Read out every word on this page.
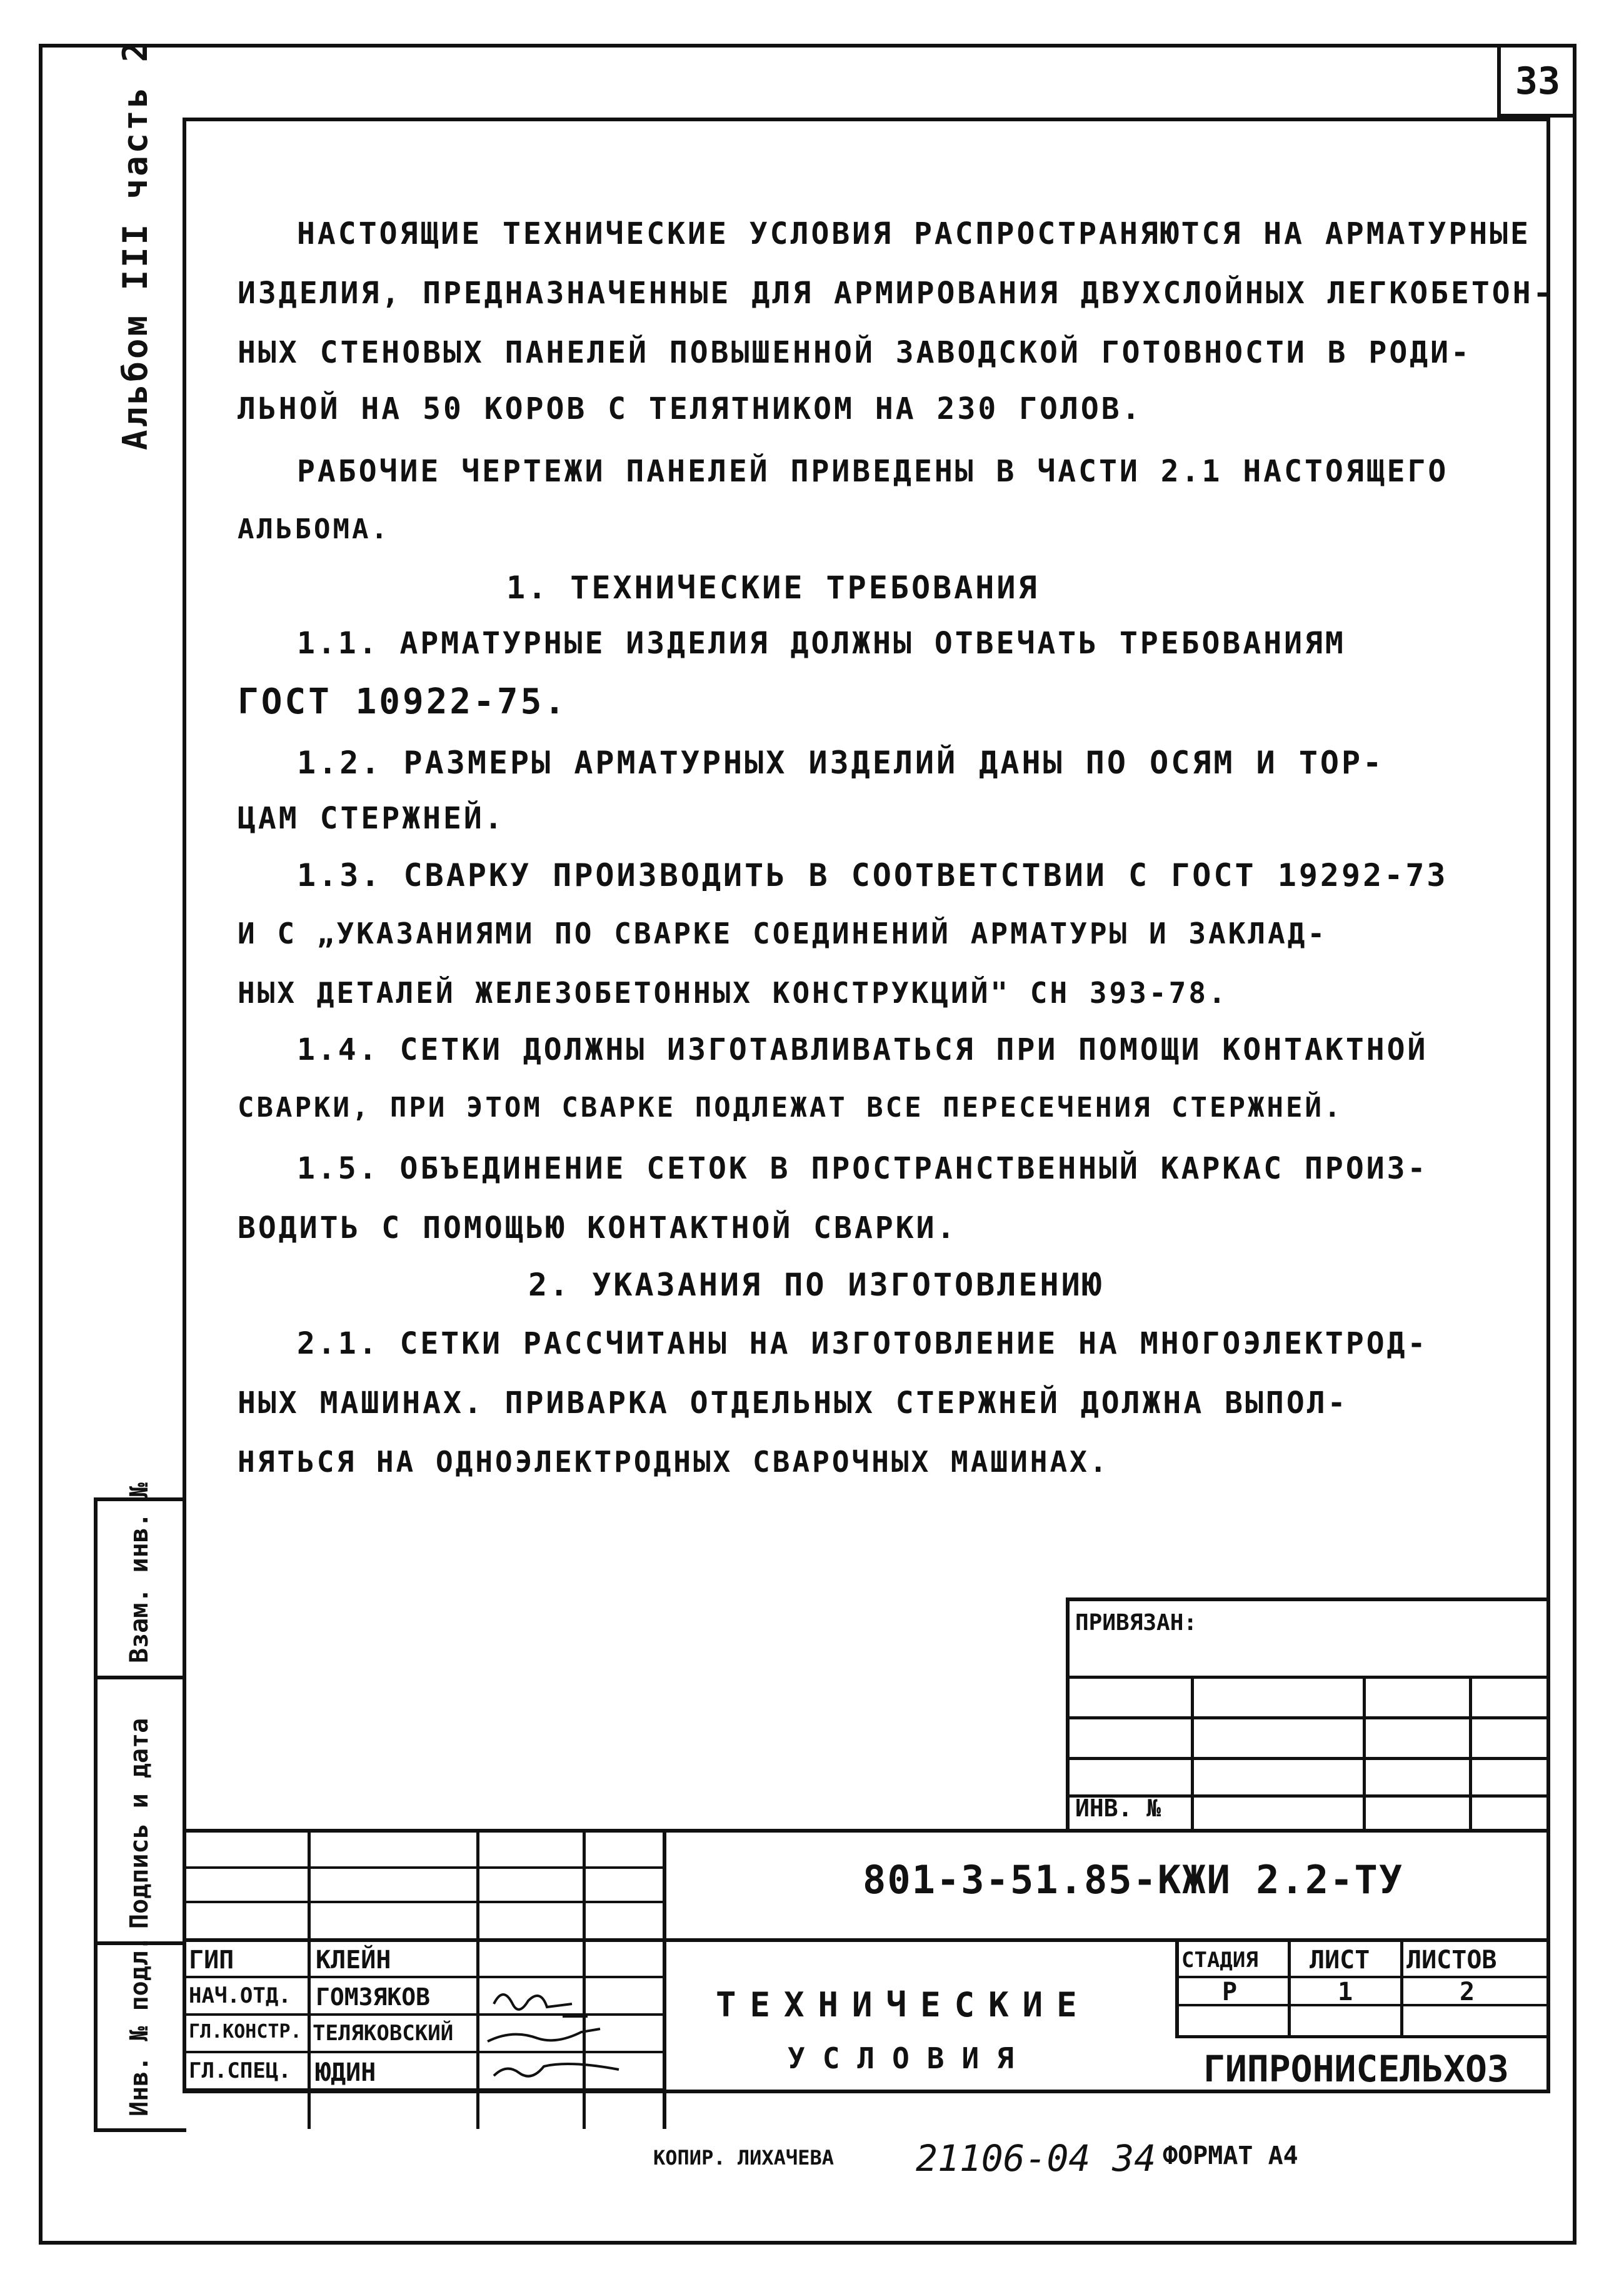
33
Альбом III часть 2	НАСТОЯЩИЕ ТЕХНИЧЕСКИЕ УСЛОВИЯ РАСПРОСТРАНЯЮТСЯ НА АРМАТУРНЫЕ
ИЗДЕЛИЯ, ПРЕДНАЗНАЧЕННЫЕ ДЛЯ АРМИРОВАНИЯ ДВУХСЛОЙНЫХ ЛЕГКОБЕТОН-
НЫХ СТЕНОВЫХ ПАНЕЛЕЙ ПОВЫШЕННОЙ ЗАВОДСКОЙ ГОТОВНОСТИ В РОДИ-
ЛЬНОЙ НА 50 КОРОВ С ТЕЛЯТНИКОМ НА 230 ГОЛОВ.
РАБОЧИЕ ЧЕРТЕЖИ ПАНЕЛЕЙ ПРИВЕДЕНЫ В ЧАСТИ 2.1 НАСТОЯЩЕГО
АЛЬБОМА.
1. ТЕХНИЧЕСКИЕ ТРЕБОВАНИЯ
1.1. АРМАТУРНЫЕ ИЗДЕЛИЯ ДОЛЖНЫ ОТВЕЧАТЬ ТРЕБОВАНИЯМ
ГОСТ 10922-75.
1.2. РАЗМЕРЫ АРМАТУРНЫХ ИЗДЕЛИЙ ДАНЫ ПО ОСЯМ И ТОР-
ЦАМ СТЕРЖНЕЙ.
1.3. СВАРКУ ПРОИЗВОДИТЬ В СООТВЕТСТВИИ С ГОСТ 19292-73
И С „УКАЗАНИЯМИ ПО СВАРКЕ СОЕДИНЕНИЙ АРМАТУРЫ И ЗАКЛАД-
НЫХ ДЕТАЛЕЙ ЖЕЛЕЗОБЕТОННЫХ КОНСТРУКЦИЙ" СН 393-78.
1.4. СЕТКИ ДОЛЖНЫ ИЗГОТАВЛИВАТЬСЯ ПРИ ПОМОЩИ КОНТАКТНОЙ
СВАРКИ, ПРИ ЭТОМ СВАРКЕ ПОДЛЕЖАТ ВСЕ ПЕРЕСЕЧЕНИЯ СТЕРЖНЕЙ.
1.5. ОБЪЕДИНЕНИЕ СЕТОК В ПРОСТРАНСТВЕННЫЙ КАРКАС ПРОИЗ-
ВОДИТЬ С ПОМОЩЬЮ КОНТАКТНОЙ СВАРКИ.
2. УКАЗАНИЯ ПО ИЗГОТОВЛЕНИЮ
2.1. СЕТКИ РАССЧИТАНЫ НА ИЗГОТОВЛЕНИЕ НА МНОГОЭЛЕКТРОД-
НЫХ МАШИНАХ. ПРИВАРКА ОТДЕЛЬНЫХ СТЕРЖНЕЙ ДОЛЖНА ВЫПОЛ-
НЯТЬСЯ НА ОДНОЭЛЕКТРОДНЫХ СВАРОЧНЫХ МАШИНАХ.
Взам. инв. №
Подпись и дата
Инв. № подл.
ПРИВЯЗАН:
ИНВ. №
801-3-51.85-КЖИ 2.2-ТУ
ГИП	КЛЕЙН
НАЧ.ОТД. ГОМЗЯКОВ
ГЛ.КОНСТР. ТЕЛЯКОВСКИЙ
ГЛ.СПЕЦ. ЮДИН
ТЕХНИЧЕСКИЕ
УСЛОВИЯ
СТАДИЯ ЛИСТ ЛИСТОВ
Р	1	2
ГИПРОНИСЕЛЬХОЗ
КОПИР. ЛИХАЧЕВА 21106-04 34 ФОРМАТ А4
